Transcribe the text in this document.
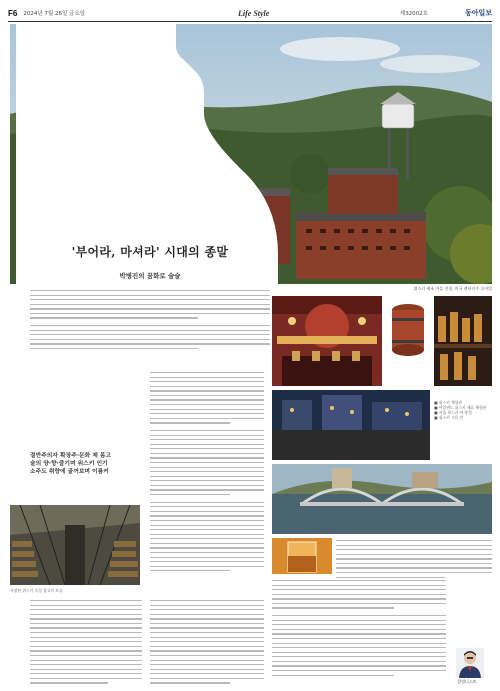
F6 2024년 7월 26일 금요일	Life Style	제32002호	동아일보
'부어라, 마셔라' 시대의 종말
박병진의 꿈화로 술술
위스키 제조 마을 전경. 미국 켄터키주 루이빌
절반주의자 확장주·문화 제 몸고 술의 양·향·즐기며 위스키 인기 소주도 취향에 골꺼보며 이름커
저장된 위스키 숙성 창고의 모습
■ 위스키 체험관
■ 아일랜드 위스키 재료 체험관
■ 서울 위스키 바 풍경
■ 위스키 시음 잔
칼럼니스트
